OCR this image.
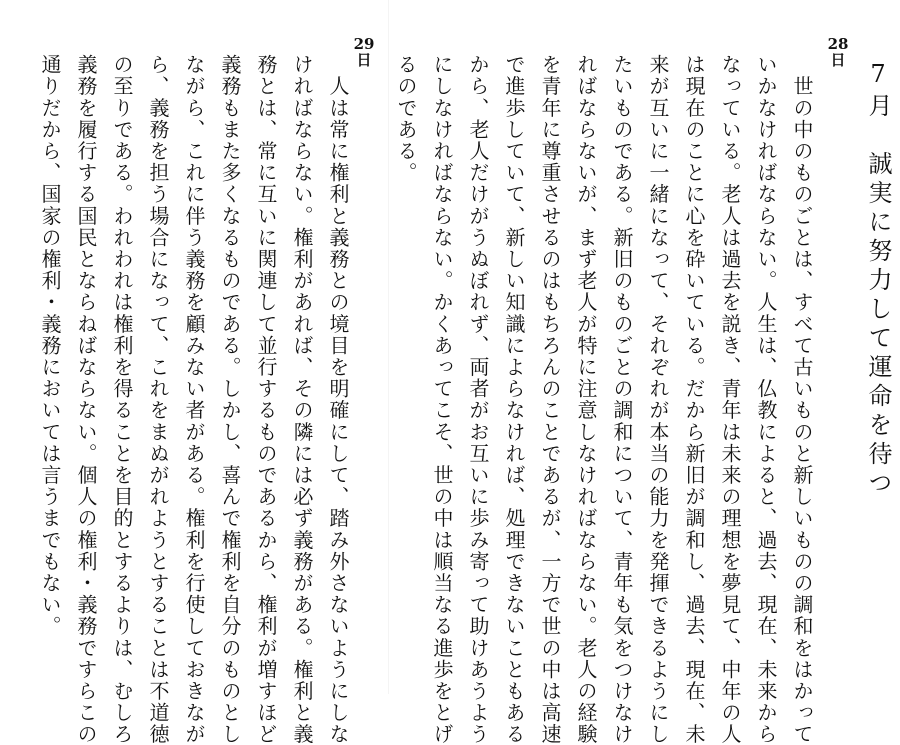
7月　誠実に努力して運命を待つ
28日
　世の中のものごとは、すべて古いものと新しいものの調和をはかって
いかなければならない。人生は、仏教によると、過去、現在、未来から
なっている。老人は過去を説き、青年は未来の理想を夢見て、中年の人
は現在のことに心を砕いている。だから新旧が調和し、過去、現在、未
来が互いに一緒になって、それぞれが本当の能力を発揮できるようにし
たいものである。新旧のものごとの調和について、青年も気をつけなけ
ればならないが、まず老人が特に注意しなければならない。老人の経験
を青年に尊重させるのはもちろんのことであるが、一方で世の中は高速
で進歩していて、新しい知識によらなければ、処理できないこともある
から、老人だけがうぬぼれず、両者がお互いに歩み寄って助けあうよう
にしなければならない。かくあってこそ、世の中は順当なる進歩をとげ
るのである。
29日
　人は常に権利と義務との境目を明確にして、踏み外さないようにしな
ければならない。権利があれば、その隣には必ず義務がある。権利と義
務とは、常に互いに関連して並行するものであるから、権利が増すほど
義務もまた多くなるものである。しかし、喜んで権利を自分のものとし
ながら、これに伴う義務を顧みない者がある。権利を行使しておきなが
ら、義務を担う場合になって、これをまぬがれようとすることは不道徳
の至りである。われわれは権利を得ることを目的とするよりは、むしろ
義務を履行する国民とならねばならない。個人の権利・義務ですらこの
通りだから、国家の権利・義務においては言うまでもない。
